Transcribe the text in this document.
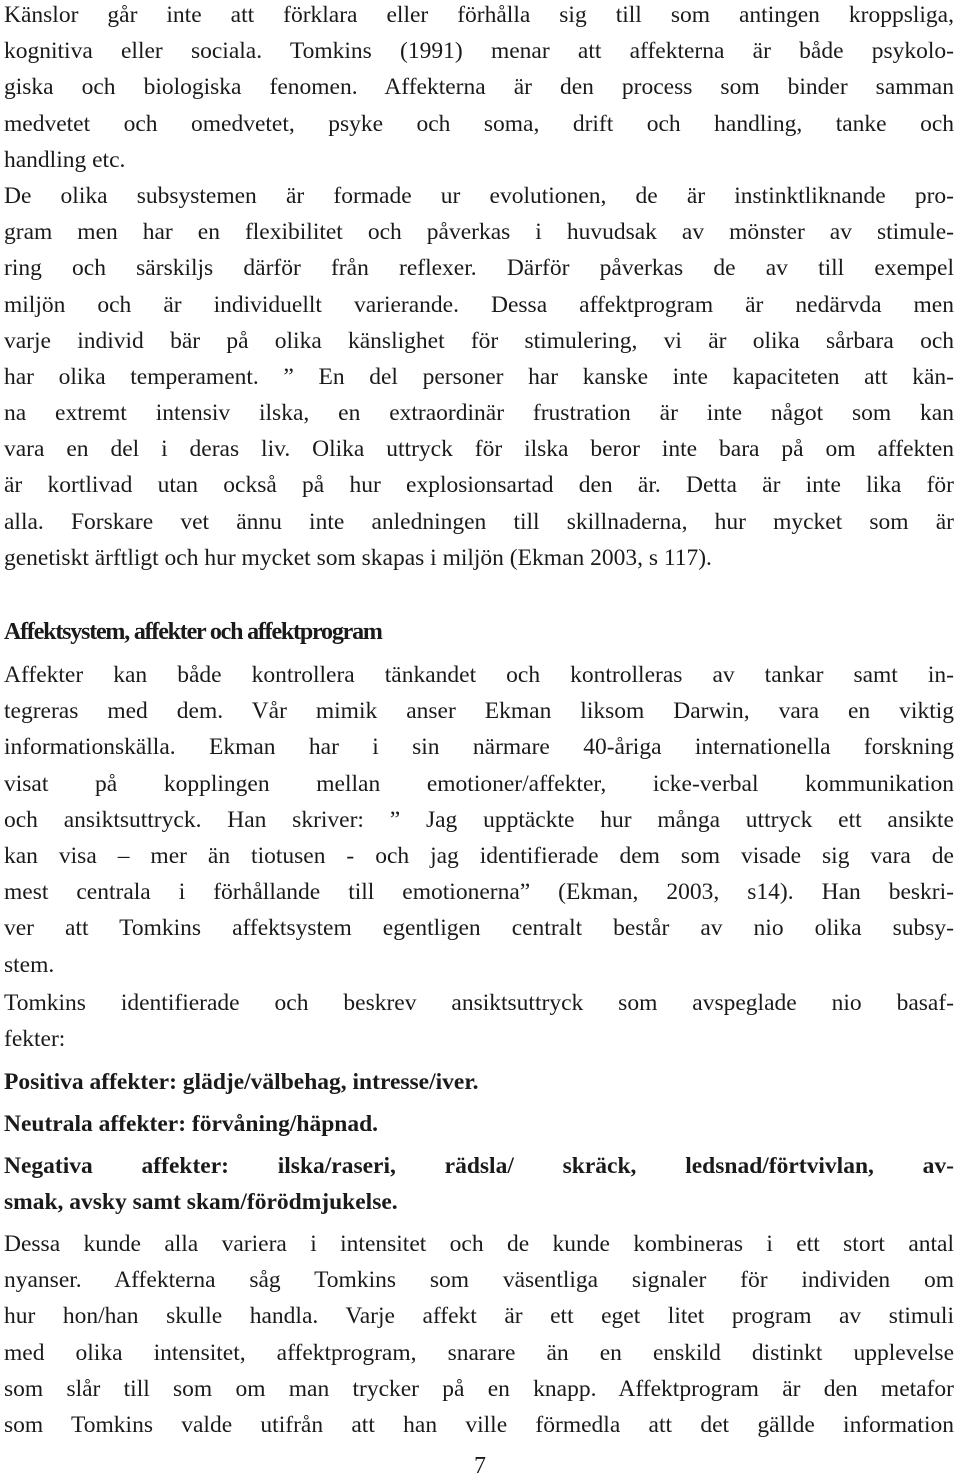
Känslor går inte att förklara eller förhålla sig till som antingen kroppsliga,
kognitiva eller sociala. Tomkins (1991) menar att affekterna är både psykolo-
giska och biologiska fenomen. Affekterna är den process som binder samman
medvetet och omedvetet, psyke och soma, drift och handling, tanke och
handling etc.
De olika subsystemen är formade ur evolutionen, de är instinktliknande pro-
gram men har en flexibilitet och påverkas i huvudsak av mönster av stimule-
ring och särskiljs därför från reflexer. Därför påverkas de av till exempel
miljön och är individuellt varierande. Dessa affektprogram är nedärvda men
varje individ bär på olika känslighet för stimulering, vi är olika sårbara och
har olika temperament. ” En del personer har kanske inte kapaciteten att kän-
na extremt intensiv ilska, en extraordinär frustration är inte något som kan
vara en del i deras liv. Olika uttryck för ilska beror inte bara på om affekten
är kortlivad utan också på hur explosionsartad den är. Detta är inte lika för
alla. Forskare vet ännu inte anledningen till skillnaderna, hur mycket som är
genetiskt ärftligt och hur mycket som skapas i miljön (Ekman 2003, s 117).
Affektsystem, affekter och affektprogram
Affekter kan både kontrollera tänkandet och kontrolleras av tankar samt in-
tegreras med dem. Vår mimik anser Ekman liksom Darwin, vara en viktig
informationskälla. Ekman har i sin närmare 40-åriga internationella forskning
visat på kopplingen mellan emotioner/affekter, icke-verbal kommunikation
och ansiktsuttryck. Han skriver: ” Jag upptäckte hur många uttryck ett ansikte
kan visa – mer än tiotusen - och jag identifierade dem som visade sig vara de
mest centrala i förhållande till emotionerna” (Ekman, 2003, s14). Han beskri-
ver att Tomkins affektsystem egentligen centralt består av nio olika subsy-
stem.
Tomkins identifierade och beskrev ansiktsuttryck som avspeglade nio basaf-
fekter:
Positiva affekter: glädje/välbehag, intresse/iver.
Neutrala affekter: förvåning/häpnad.
Negativa affekter: ilska/raseri, rädsla/ skräck, ledsnad/förtvivlan, av-
smak, avsky samt skam/förödmjukelse.
Dessa kunde alla variera i intensitet och de kunde kombineras i ett stort antal
nyanser. Affekterna såg Tomkins som väsentliga signaler för individen om
hur hon/han skulle handla. Varje affekt är ett eget litet program av stimuli
med olika intensitet, affektprogram, snarare än en enskild distinkt upplevelse
som slår till som om man trycker på en knapp. Affektprogram är den metafor
som Tomkins valde utifrån att han ville förmedla att det gällde information
7
